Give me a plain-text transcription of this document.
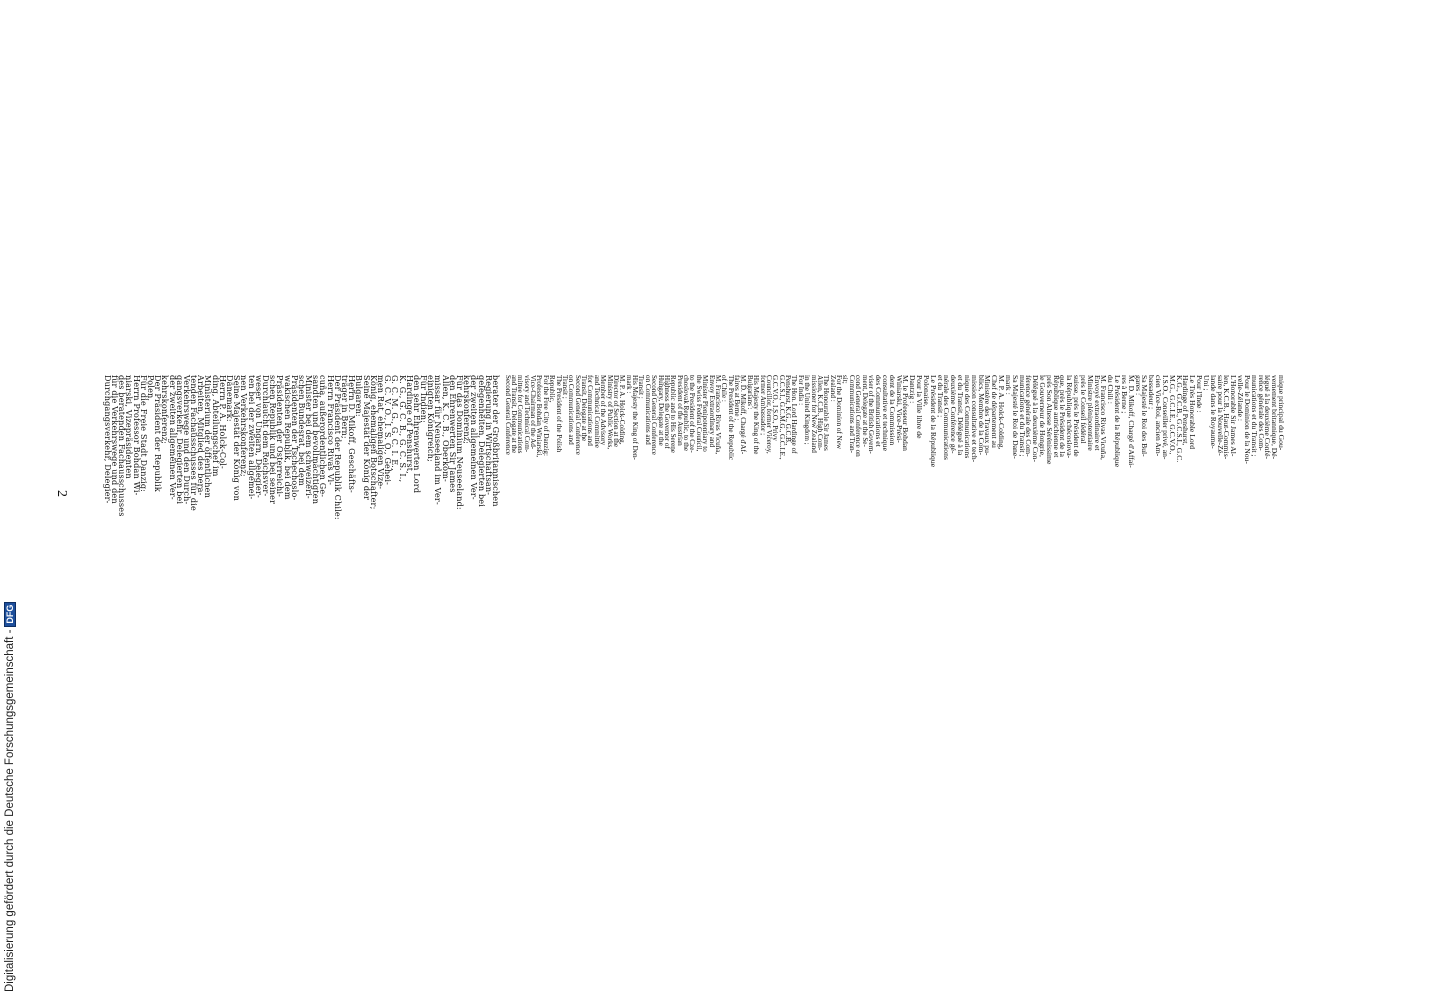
mique principal du Gou-
vernement britannique, Dé-
légué à la deuxième Confé-
rence générale des Com-
munications et du Transit ;
Pour le Dominion de la Nou-
velle-Zélande :
L'Honorable Sir James Al-
len, K.C.B., Haut-Commis-
saire pour la Nouvelle-Zé-
lande dans le Royaume-
Uni ;
Pour l'Inde :
Le Très Honorable Lord
Hardinge of Penshurst,
K.G., G.C.B., G.C.S.I., G.C.
M.G., G.C.I.E., G.C.V.O.,
I.S.O., Conseiller privé, an-
cien Vice-Roi, ancien Am-
bassadeur ;
Sa Majesté le Roi des Bul-
gares :
M. D. Mikoff, Chargé d'Affai-
res à Berne ;
Le Président de la République
du Chili :
M. Francisco Rivas Vicuña,
Envoyé extraordinaire et
Ministre plénipotentiaire
près le Conseil fédéral
suisse, près le Président de
la République tchécoslova-
que, près le Président de la
République autrichienne et
près Son Altesse Sérénissime
le Gouverneur de Hongrie,
Délégué à la deuxième Con-
férence générale des Com-
munications et du Transit ;
Sa Majesté le Roi de Dane-
mark :
M. P. A. Holck-Colding,
Chef de département au
Ministère des Travaux pu-
blics, Membre de la Com-
mission consultative et tech-
nique des Communications
et du Transit, Délégué à la
deuxième Conférence gé-
nérale des Communications
et du Transit ;
Le Président de la République
Polonaise,
Pour la Ville libre de
Dantzig :
M. le Professeur Bohdan
Winiarski, Vice-Prési-
dent de la Commission
consultative et technique
des Communications et
viser of the British Govern-
ment, Delegate at the Se-
cond General Conference on
Communications and Tran-
sit;
For the Dominion of New
Zealand :
The Honourable Sir James
Allen, K.C.B., High Com-
missioner for New Zealand
in the United Kingdom ;
For India :
The Hon. Lord Hardinge of
Penshurst, K.G., G.C.B.,
G.C.S.I., G.C.M.G., G.C.I.E.,
G.C.V.O., I.S.O., Privy
Councillor, former Viceroy,
former Ambassador ;
His Majesty the King of the
Bulgarians :
M. D. Mikoff, Chargé d'Af-
faires at Berne ;
The President of the Republic
of Chile :
M. Francisco Rivas Vicuña,
Envoy Extraordinary and
Minister Plenipotentiary to
the Swiss Federal Council,
to the President of the Cze-
choslovak Republic, to the
President of the Austrian
Republic and to His Serene
Highness the Governor of
Hungary, Delegate at the
Second General Conference
on Communications and
Transit ;
His Majesty the King of Den-
mark :
M. P. A. Holck-Colding,
Director of Section at the
Ministry of Public Works,
Member of the Advisory
and Technical Committee
for Communications and
Transit, Delegate at the
Second General Conference
on Communications and
Transit ;
The President of the Polish
Republic,
For the Free City of Danzig:
Professor Bohdan Winiarski,
Vice-Chairman of the Ad-
visory and Technical Com-
mittee for Communications
and Transit, Delegate at the
Second General Conference
berater der Großbritannischen
Regierung in Wirtschaftsan-
gelegenheiten, Delegierten bei
der zweiten allgemeinen Ver-
kehrskonferenz;
Für das Dominium Neuseeland:
den Ehrenwerten Sir James
Allen, K. C. B., Oberkom-
missar für Neuseeland im Ver-
einigten Königreich;
Für Indien:
den sehr Ehrenwerten Lord
Hardinge of Penshurst,
K. G., G. C. B., G. C. S. I.,
G. C. M. G., G. C. I. E.,
G. C. V. O., I. S. O., Gehei-
men Rat, ehemaligen Vize-
König, ehemaligen Botschafter;
Seine Majestät der König der
Bulgaren:
Herrn D. Mikoff, Geschäfts-
träger in Bern;
Der Präsident der Republik Chile:
Herrn Francisco Rivas Vi-
cuña, außerordentlichen Ge-
sandten und bevollmächtigten
Minister bei dem schweizeri-
schen Bundesrat, bei dem
Präsidenten der Tschechoslo-
wakischen Republik, bei dem
Präsidenten der Österreichi-
schen Republik und bei seiner
Durchlaucht dem Reichsver-
weser von Ungarn, Delegier-
ten bei der zweiten allgemei-
nen Verkehrskonferenz;
Seine Majestät der König von
Dänemark:
Herrn P. A. Holck-Col-
ding, Abteilungschef im
Ministerium der öffentlichen
Arbeiten, Mitglied des bera-
tenden Fachausschusses für die
Verkehrswege und den Durch-
gangsverkehr, Delegierten bei
der zweiten allgemeinen Ver-
kehrskonferenz;
Der Präsident der Republik
Polen,
Für die Freie Stadt Danzig:
Herrn Professor Bohdan Wi-
niarski, Vizepräsidenten
des beratenden Fachausschusses
für die Verkehrswege und den
Durchgangsverkehr, Delegier-
2
Digitalisierung gefördert durch die Deutsche Forschungsgemeinschaft -DFG
